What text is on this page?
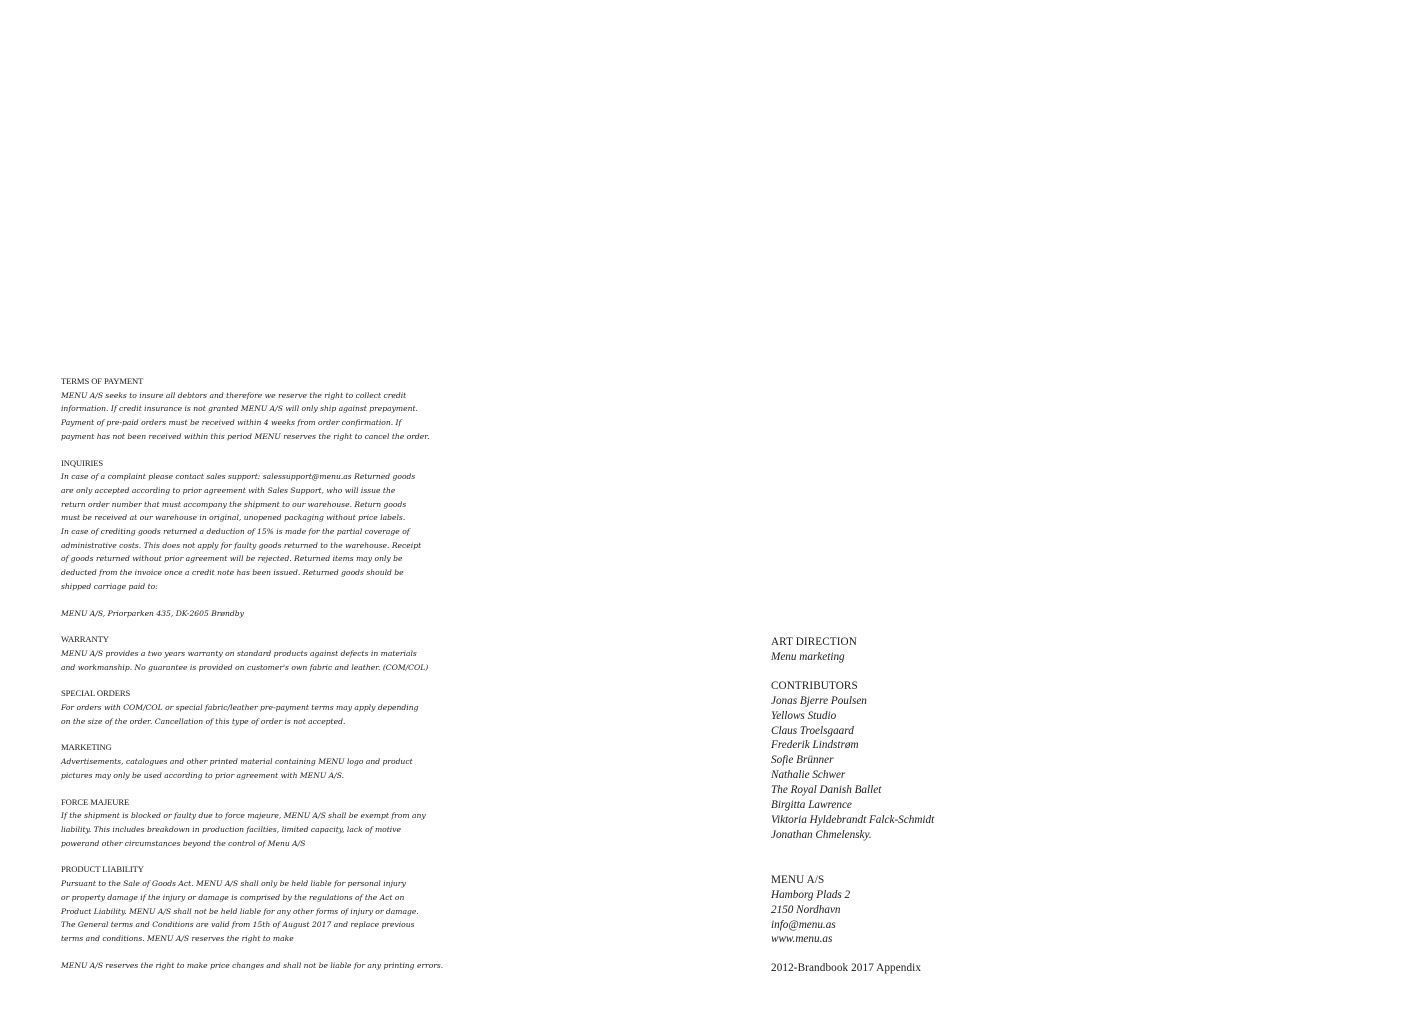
TERMS OF PAYMENT

MENU A/S seeks to insure all debtors and therefore we reserve the right to collect credit
information. If credit insurance is not granted MENU A/S will only ship against prepayment.
Payment of pre-paid orders must be received within 4 weeks from order confirmation. If
payment has not been received within this period MENU reserves the right to cancel the order.

INQUIRIES

In case of a complaint please contact sales support: salessupport@menu.as Returned goods
are only accepted according to prior agreement with Sales Support, who will issue the
return order number that must accompany the shipment to our warehouse. Return goods
must be received at our warehouse in original, unopened packaging without price labels.
In case of crediting goods returned a deduction of 15% is made for the partial coverage of
administrative costs. This does not apply for faulty goods returned to the warehouse. Receipt
of goods returned without prior agreement will be rejected. Returned items may only be
deducted from the invoice once a credit note has been issued. Returned goods should be
shipped carriage paid to:

MENU A/S, Priorparken 435, DK-2605 Brøndby

WARRANTY

MENU A/S provides a two years warranty on standard products against defects in materials
and workmanship. No guarantee is provided on customer's own fabric and leather. (COM/COL)

SPECIAL ORDERS

For orders with COM/COL or special fabric/leather pre-payment terms may apply depending
on the size of the order. Cancellation of this type of order is not accepted.

MARKETING

Advertisements, catalogues and other printed material containing MENU logo and product
pictures may only be used according to prior agreement with MENU A/S.

FORCE MAJEURE

If the shipment is blocked or faulty due to force majeure, MENU A/S shall be exempt from any
liability. This includes breakdown in production facilties, limited capacity, lack of motive
powerand other circumstances beyond the control of Menu A/S

PRODUCT LIABILITY

Pursuant to the Sale of Goods Act. MENU A/S shall only be held liable for personal injury
or property damage if the injury or damage is comprised by the regulations of the Act on
Product Liability. MENU A/S shall not be held liable for any other forms of injury or damage.
The General terms and Conditions are valid from 15th of August 2017 and replace previous
terms and conditions. MENU A/S reserves the right to make

MENU A/S reserves the right to make price changes and shall not be liable for any printing errors.

ART DIRECTION

Menu marketing

CONTRIBUTORS

Jonas Bjerre Poulsen
Yellows Studio
Claus Troelsgaard
Frederik Lindstrøm
Sofie Brünner
Nathalie Schwer
The Royal Danish Ballet
Birgitta Lawrence
Viktoria Hyldebrandt Falck-Schmidt
Jonathan Chmelensky.

MENU A/S

Hamborg Plads 2
2150 Nordhavn
info@menu.as
www.menu.as
2012-Brandbook 2017 Appendix
